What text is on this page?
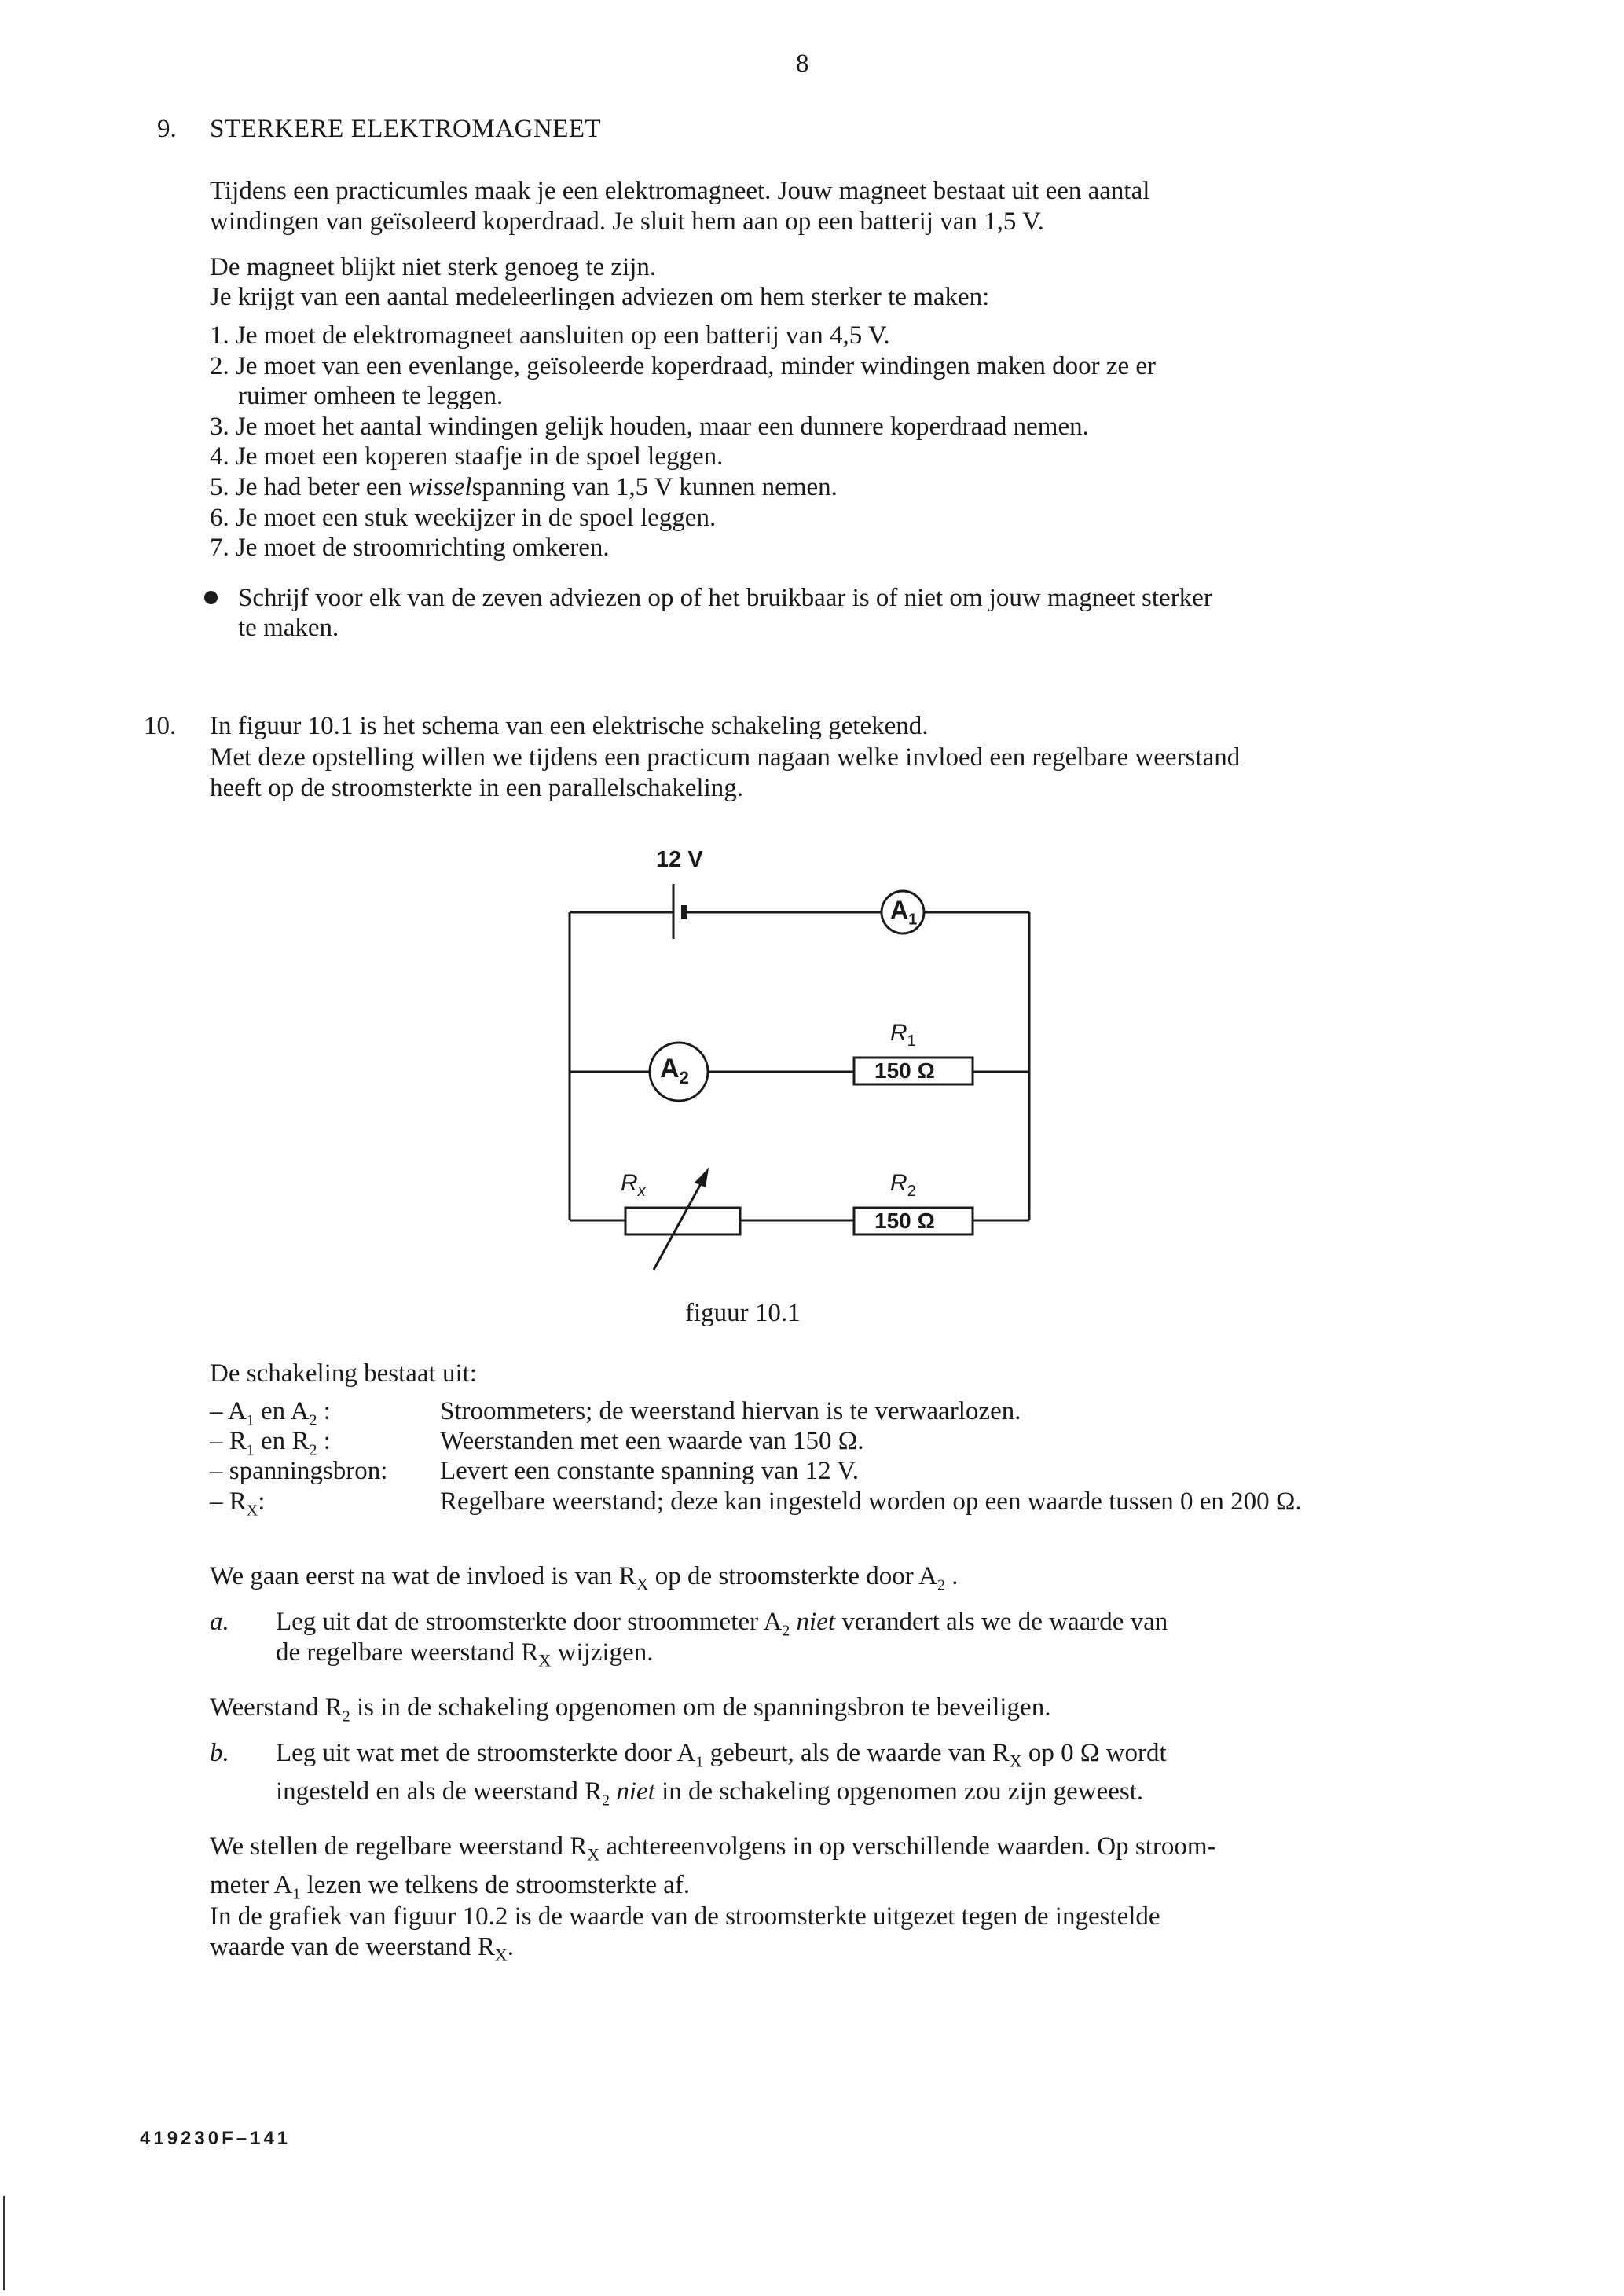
8
9. STERKERE ELEKTROMAGNEET
Tijdens een practicumles maak je een elektromagneet. Jouw magneet bestaat uit een aantal
windingen van geïsoleerd koperdraad. Je sluit hem aan op een batterij van 1,5 V.
De magneet blijkt niet sterk genoeg te zijn.
Je krijgt van een aantal medeleerlingen adviezen om hem sterker te maken:
1. Je moet de elektromagneet aansluiten op een batterij van 4,5 V.
2. Je moet van een evenlange, geïsoleerde koperdraad, minder windingen maken door ze er
ruimer omheen te leggen.
3. Je moet het aantal windingen gelijk houden, maar een dunnere koperdraad nemen.
4. Je moet een koperen staafje in de spoel leggen.
5. Je had beter een wisselspanning van 1,5 V kunnen nemen.
6. Je moet een stuk weekijzer in de spoel leggen.
7. Je moet de stroomrichting omkeren.
Schrijf voor elk van de zeven adviezen op of het bruikbaar is of niet om jouw magneet sterker
te maken.
10. In figuur 10.1 is het schema van een elektrische schakeling getekend.
Met deze opstelling willen we tijdens een practicum nagaan welke invloed een regelbare weerstand
heeft op de stroomsterkte in een parallelschakeling.
12 V
$A_1$
$A_2$
$R_1$
150 Ω
$R_2$
150 Ω
$R_x$
figuur 10.1
De schakeling bestaat uit:
– $A_1$ en $A_2$ :	Stroommeters; de weerstand hiervan is te verwaarlozen.
– $R_1$ en $R_2$ :	Weerstanden met een waarde van 150 Ω.
– spanningsbron: Levert een constante spanning van 12 V.
– $R_X$:	Regelbare weerstand; deze kan ingesteld worden op een waarde tussen 0 en 200 Ω.
We gaan eerst na wat de invloed is van $R_X$ op de stroomsterkte door $A_2$ .
a. Leg uit dat de stroomsterkte door stroommeter $A_2$ niet verandert als we de waarde van
de regelbare weerstand $R_X$ wijzigen.
Weerstand $R_2$ is in de schakeling opgenomen om de spanningsbron te beveiligen.
b. Leg uit wat met de stroomsterkte door $A_1$ gebeurt, als de waarde van $R_X$ op 0 Ω wordt
ingesteld en als de weerstand $R_2$ niet in de schakeling opgenomen zou zijn geweest.
We stellen de regelbare weerstand $R_X$ achtereenvolgens in op verschillende waarden. Op stroom-
meter $A_1$ lezen we telkens de stroomsterkte af.
In de grafiek van figuur 10.2 is de waarde van de stroomsterkte uitgezet tegen de ingestelde
waarde van de weerstand $R_X$.
419230F–141
